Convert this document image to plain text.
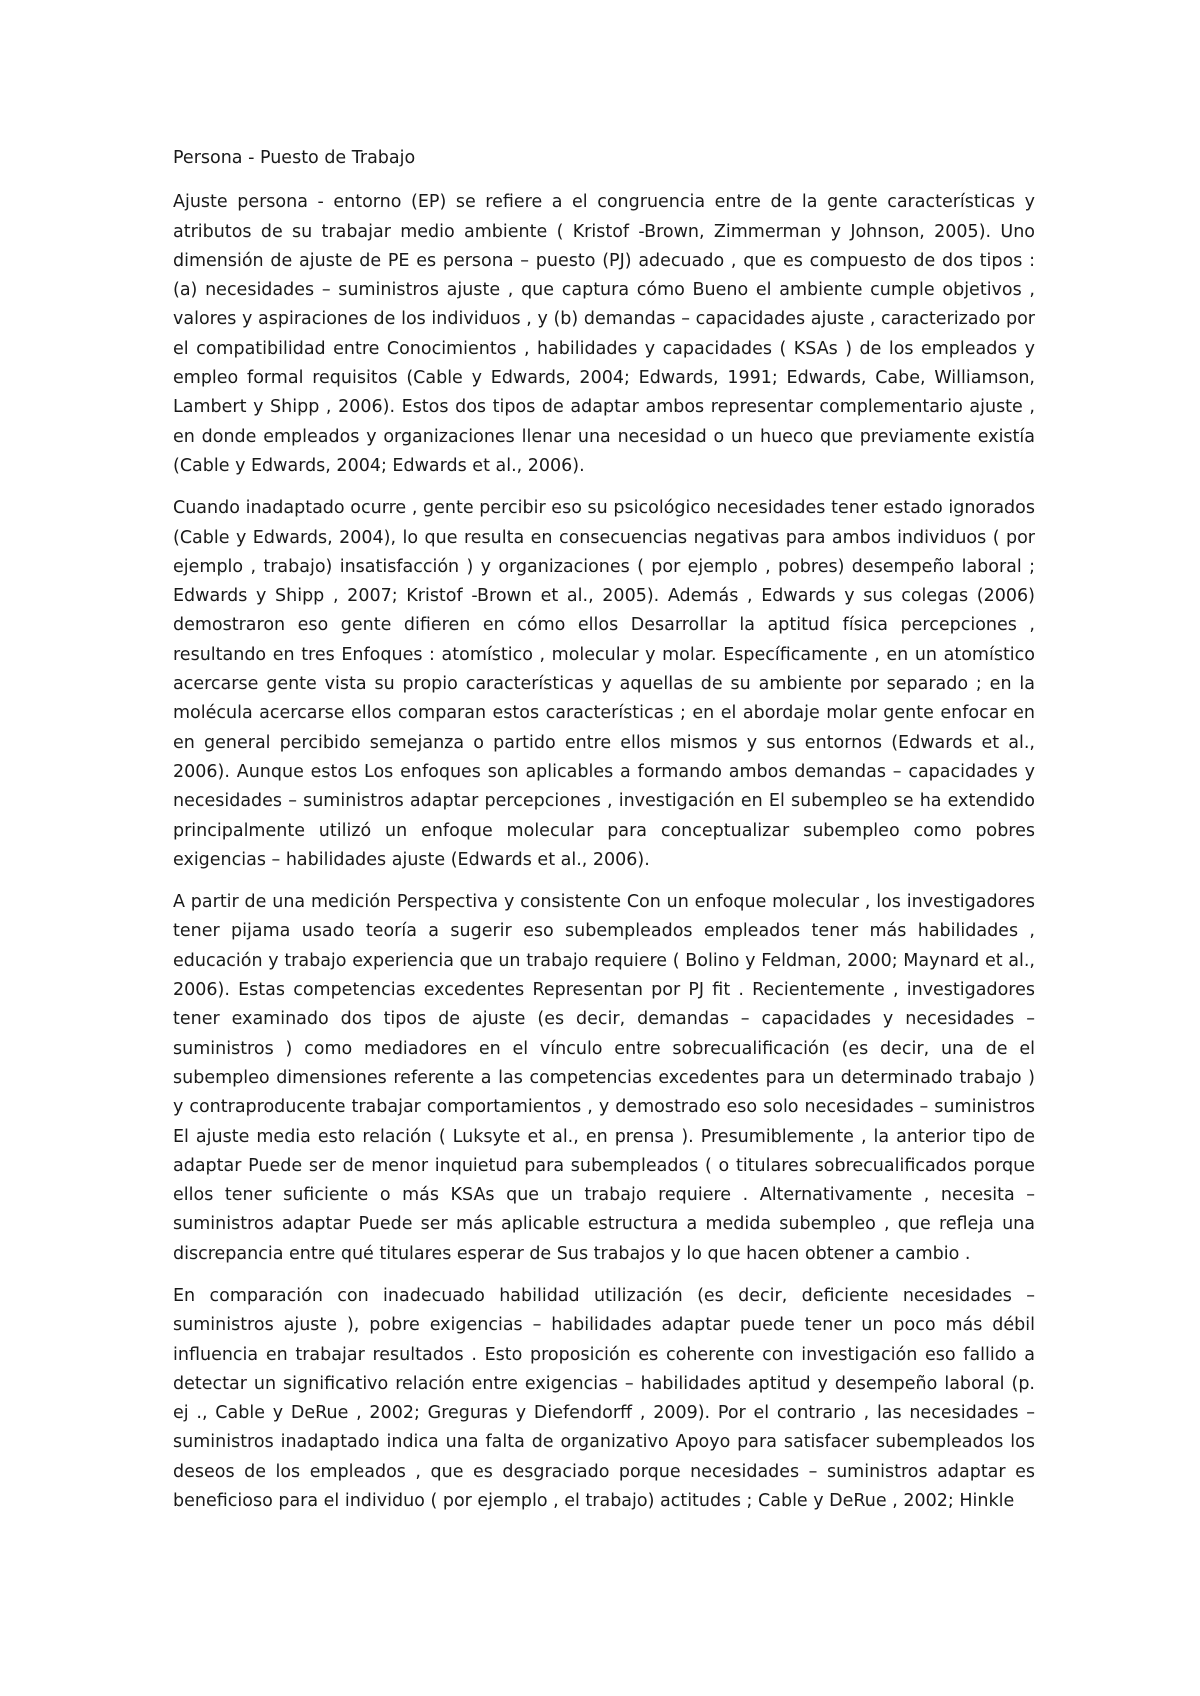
Persona - Puesto de Trabajo

Ajuste persona - entorno (EP) se refiere a el congruencia entre de la gente características y atributos de su trabajar medio ambiente ( Kristof -Brown, Zimmerman y Johnson, 2005). Uno dimensión de ajuste de PE es persona – puesto (PJ) adecuado , que es compuesto de dos tipos : (a) necesidades – suministros ajuste , que captura cómo Bueno el ambiente cumple objetivos , valores y aspiraciones de los individuos , y (b) demandas – capacidades ajuste , caracterizado por el compatibilidad entre Conocimientos , habilidades y capacidades ( KSAs ) de los empleados y empleo formal requisitos (Cable y Edwards, 2004; Edwards, 1991; Edwards, Cabe, Williamson, Lambert y Shipp , 2006). Estos dos tipos de adaptar ambos representar complementario ajuste , en donde empleados y organizaciones llenar una necesidad o un hueco que previamente existía (Cable y Edwards, 2004; Edwards et al., 2006).

Cuando inadaptado ocurre , gente percibir eso su psicológico necesidades tener estado ignorados (Cable y Edwards, 2004), lo que resulta en consecuencias negativas para ambos individuos ( por ejemplo , trabajo) insatisfacción ) y organizaciones ( por ejemplo , pobres) desempeño laboral ; Edwards y Shipp , 2007; Kristof -Brown et al., 2005). Además , Edwards y sus colegas (2006) demostraron eso gente difieren en cómo ellos Desarrollar la aptitud física percepciones , resultando en tres Enfoques : atomístico , molecular y molar. Específicamente , en un atomístico acercarse gente vista su propio características y aquellas de su ambiente por separado ; en la molécula acercarse ellos comparan estos características ; en el abordaje molar gente enfocar en en general percibido semejanza o partido entre ellos mismos y sus entornos (Edwards et al., 2006). Aunque estos Los enfoques son aplicables a formando ambos demandas – capacidades y necesidades – suministros adaptar percepciones , investigación en El subempleo se ha extendido principalmente utilizó un enfoque molecular para conceptualizar subempleo como pobres exigencias – habilidades ajuste (Edwards et al., 2006).

A partir de una medición Perspectiva y consistente Con un enfoque molecular , los investigadores tener pijama usado teoría a sugerir eso subempleados empleados tener más habilidades , educación y trabajo experiencia que un trabajo requiere ( Bolino y Feldman, 2000; Maynard et al., 2006). Estas competencias excedentes Representan por PJ fit . Recientemente , investigadores tener examinado dos tipos de ajuste (es decir, demandas – capacidades y necesidades – suministros ) como mediadores en el vínculo entre sobrecualificación (es decir, una de el subempleo dimensiones referente a las competencias excedentes para un determinado trabajo ) y contraproducente trabajar comportamientos , y demostrado eso solo necesidades – suministros El ajuste media esto relación ( Luksyte et al., en prensa ). Presumiblemente , la anterior tipo de adaptar Puede ser de menor inquietud para subempleados ( o titulares sobrecualificados porque ellos tener suficiente o más KSAs que un trabajo requiere . Alternativamente , necesita – suministros adaptar Puede ser más aplicable estructura a medida subempleo , que refleja una discrepancia entre qué titulares esperar de Sus trabajos y lo que hacen obtener a cambio .

En comparación con inadecuado habilidad utilización (es decir, deficiente necesidades – suministros ajuste ), pobre exigencias – habilidades adaptar puede tener un poco más débil influencia en trabajar resultados . Esto proposición es coherente con investigación eso fallido a detectar un significativo relación entre exigencias – habilidades aptitud y desempeño laboral (p. ej ., Cable y DeRue , 2002; Greguras y Diefendorff , 2009). Por el contrario , las necesidades – suministros inadaptado indica una falta de organizativo Apoyo para satisfacer subempleados los deseos de los empleados , que es desgraciado porque necesidades – suministros adaptar es beneficioso para el individuo ( por ejemplo , el trabajo) actitudes ; Cable y DeRue , 2002; Hinkle
